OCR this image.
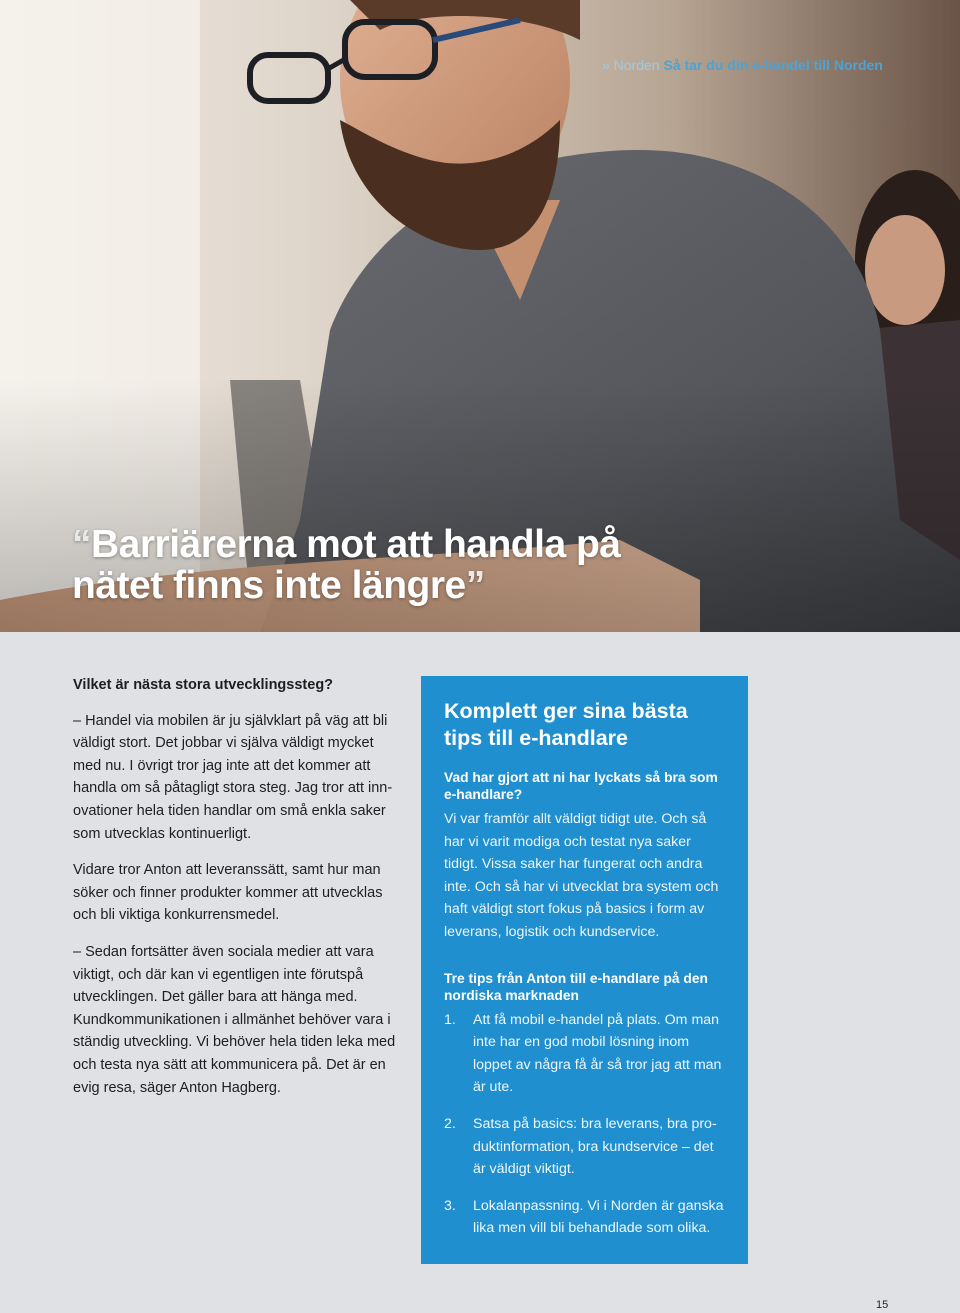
» Norden Så tar du din e-handel till Norden
“Barriärerna mot att handla på nätet finns inte längre”

Vilket är nästa stora utvecklingssteg?

– Handel via mobilen är ju självklart på väg att bli väldigt stort. Det jobbar vi själva väldigt mycket med nu. I övrigt tror jag inte att det kommer att handla om så påtagligt stora steg. Jag tror att inn-ovationer hela tiden handlar om små enkla saker som utvecklas kontinuerligt.

Vidare tror Anton att leveranssätt, samt hur man söker och finner produkter kommer att utvecklas och bli viktiga konkurrensmedel.

– Sedan fortsätter även sociala medier att vara viktigt, och där kan vi egentligen inte förutspå utvecklingen. Det gäller bara att hänga med. Kundkommunikationen i allmänhet behöver vara i ständig utveckling. Vi behöver hela tiden leka med och testa nya sätt att kommunicera på. Det är en evig resa, säger Anton Hagberg.

Komplett ger sina bästa tips till e-handlare
Vad har gjort att ni har lyckats så bra som e-handlare?
Vi var framför allt väldigt tidigt ute. Och så har vi varit modiga och testat nya saker tidigt. Vissa saker har fungerat och andra inte. Och så har vi utvecklat bra system och haft väldigt stort fokus på basics i form av leverans, logistik och kundservice.
Tre tips från Anton till e-handlare på den nordiska marknaden
1. Att få mobil e-handel på plats. Om man inte har en god mobil lösning inom loppet av några få år så tror jag att man är ute.
2. Satsa på basics: bra leverans, bra pro-duktinformation, bra kundservice – det är väldigt viktigt.
3. Lokalanpassning. Vi i Norden är ganska lika men vill bli behandlade som olika.
15
